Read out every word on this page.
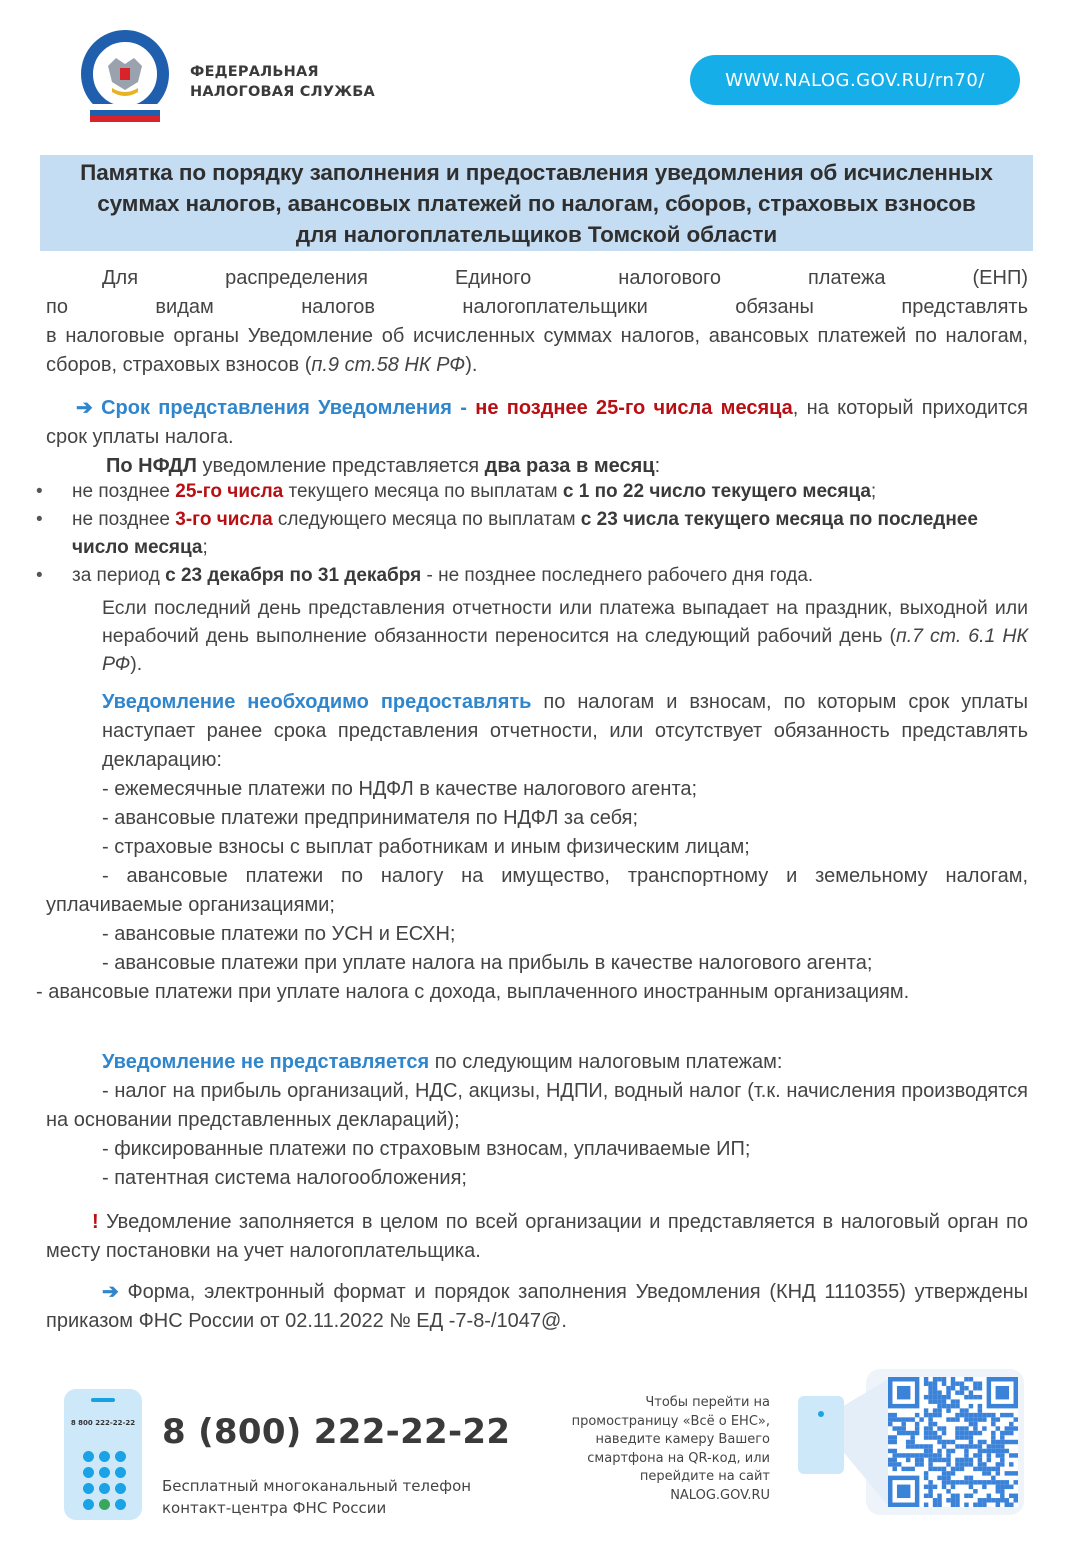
ФЕДЕРАЛЬНАЯ
НАЛОГОВАЯ СЛУЖБА
WWW.NALOG.GOV.RU/rn70/
Памятка по порядку заполнения и предоставления уведомления об исчисленных суммах налогов, авансовых платежей по налогам, сборов, страховых взносов для налогоплательщиков Томской области
Для распределения Единого налогового платежа (ЕНП)
по видам налогов налогоплательщики обязаны представлять
в налоговые органы Уведомление об исчисленных суммах налогов, авансовых платежей по налогам, сборов, страховых взносов (п.9 ст.58 НК РФ).
➔ Срок представления Уведомления - не позднее 25-го числа месяца, на который приходится срок уплаты налога.
По НФДЛ уведомление представляется два раза в месяц:
• не позднее 25-го числа текущего месяца по выплатам с 1 по 22 число текущего месяца;
• не позднее 3-го числа следующего месяца по выплатам с 23 числа текущего месяца по последнее число месяца;
• за период с 23 декабря по 31 декабря - не позднее последнего рабочего дня года.
Если последний день представления отчетности или платежа выпадает на праздник, выходной или нерабочий день выполнение обязанности переносится на следующий рабочий день (п.7 ст. 6.1 НК РФ).
Уведомление необходимо предоставлять по налогам и взносам, по которым срок уплаты наступает ранее срока представления отчетности, или отсутствует обязанность представлять декларацию:
- ежемесячные платежи по НДФЛ в качестве налогового агента;
- авансовые платежи предпринимателя по НДФЛ за себя;
- страховые взносы с выплат работникам и иным физическим лицам;
- авансовые платежи по налогу на имущество, транспортному и земельному налогам, уплачиваемые организациями;
- авансовые платежи по УСН и ЕСХН;
- авансовые платежи при уплате налога на прибыль в качестве налогового агента;
- авансовые платежи при уплате налога с дохода, выплаченного иностранным организациям.
Уведомление не представляется по следующим налоговым платежам:
- налог на прибыль организаций, НДС, акцизы, НДПИ, водный налог (т.к. начисления производятся на основании представленных деклараций);
- фиксированные платежи по страховым взносам, уплачиваемые ИП;
- патентная система налогообложения;
! Уведомление заполняется в целом по всей организации и представляется в налоговый орган по месту постановки на учет налогоплательщика.
➔ Форма, электронный формат и порядок заполнения Уведомления (КНД 1110355) утверждены приказом ФНС России от 02.11.2022 № ЕД -7-8-/1047@.
8 800 222-22-22 8 (800) 222-22-22
Бесплатный многоканальный телефон
контакт-центра ФНС России
Чтобы перейти на
промостраницу «Всё о ЕНС»,
наведите камеру Вашего
смартфона на QR-код, или
перейдите на сайт
NALOG.GOV.RU
